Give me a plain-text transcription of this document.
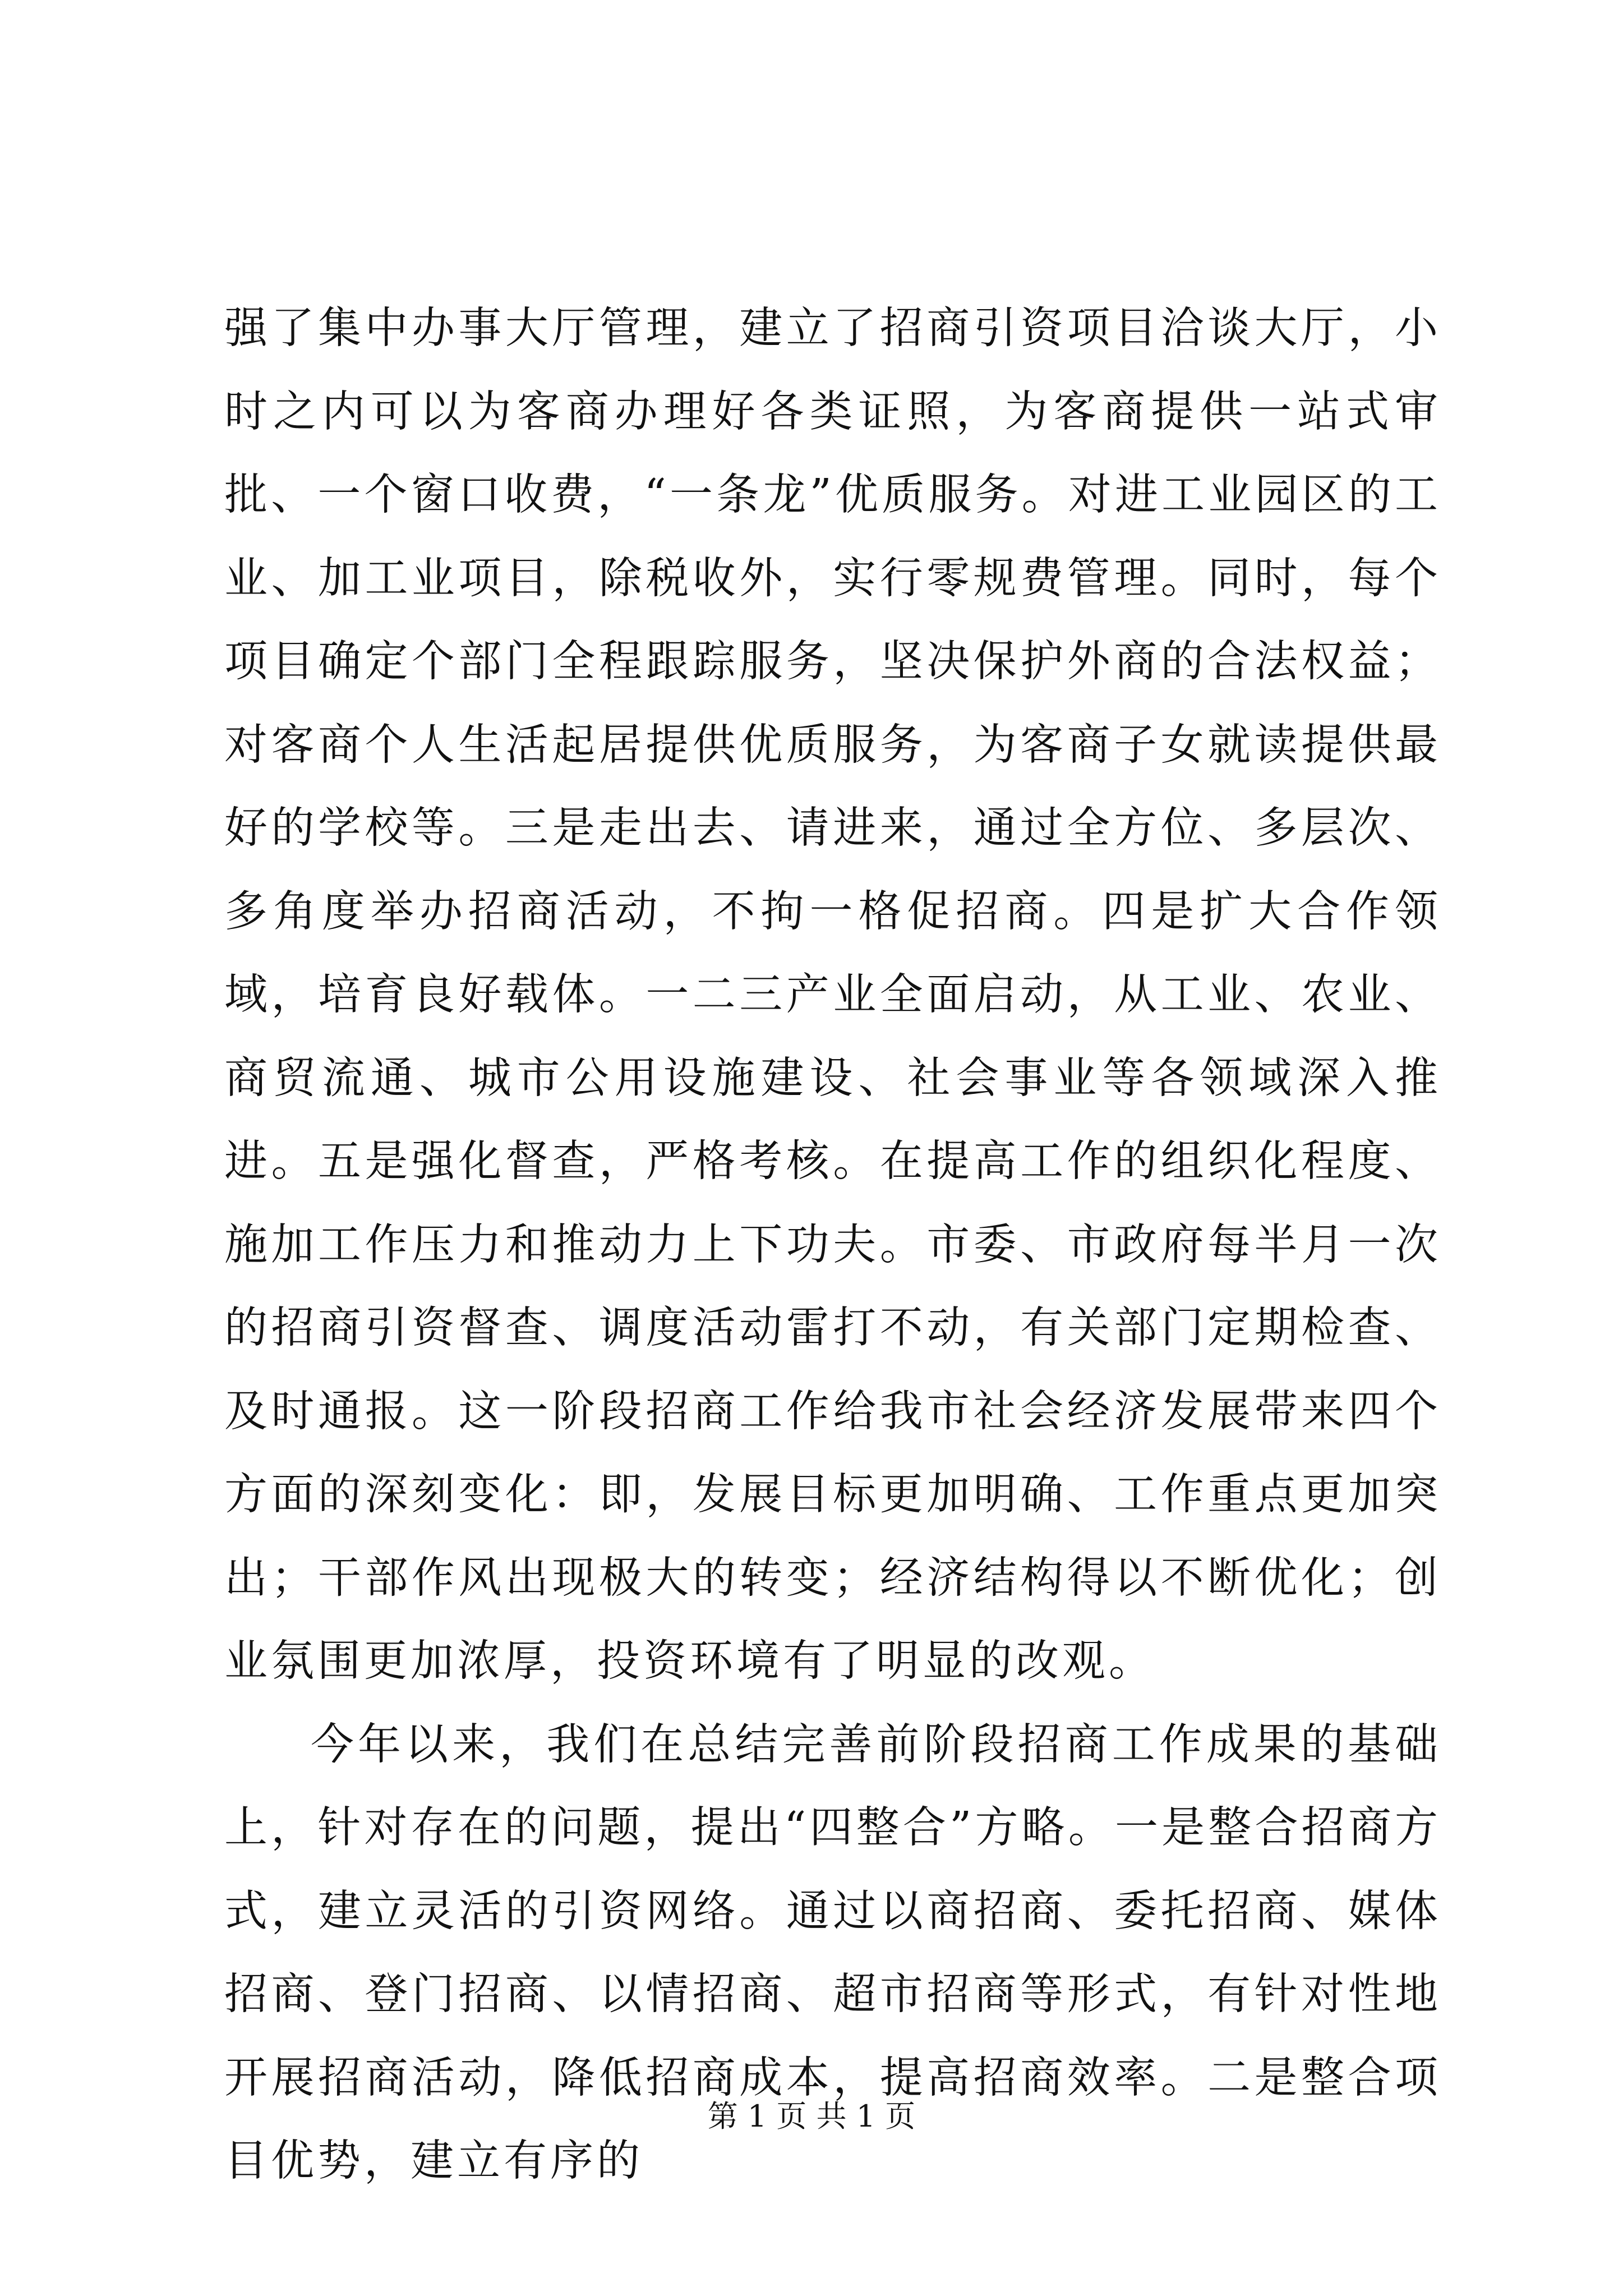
强了集中办事大厅管理，建立了招商引资项目洽谈大厅，小时之内可以为客商办理好各类证照，为客商提供一站式审批、一个窗口收费，“一条龙”优质服务。对进工业园区的工业、加工业项目，除税收外，实行零规费管理。同时，每个项目确定个部门全程跟踪服务，坚决保护外商的合法权益；对客商个人生活起居提供优质服务，为客商子女就读提供最好的学校等。三是走出去、请进来，通过全方位、多层次、多角度举办招商活动，不拘一格促招商。四是扩大合作领域，培育良好载体。一二三产业全面启动，从工业、农业、商贸流通、城市公用设施建设、社会事业等各领域深入推进。五是强化督查，严格考核。在提高工作的组织化程度、施加工作压力和推动力上下功夫。市委、市政府每半月一次的招商引资督查、调度活动雷打不动，有关部门定期检查、及时通报。这一阶段招商工作给我市社会经济发展带来四个方面的深刻变化：即，发展目标更加明确、工作重点更加突出；干部作风出现极大的转变；经济结构得以不断优化；创业氛围更加浓厚，投资环境有了明显的改观。

今年以来，我们在总结完善前阶段招商工作成果的基础上，针对存在的问题，提出“四整合”方略。一是整合招商方式，建立灵活的引资网络。通过以商招商、委托招商、媒体招商、登门招商、以情招商、超市招商等形式，有针对性地开展招商活动，降低招商成本，提高招商效率。二是整合项目优势，建立有序的

第 1 页 共 1 页
